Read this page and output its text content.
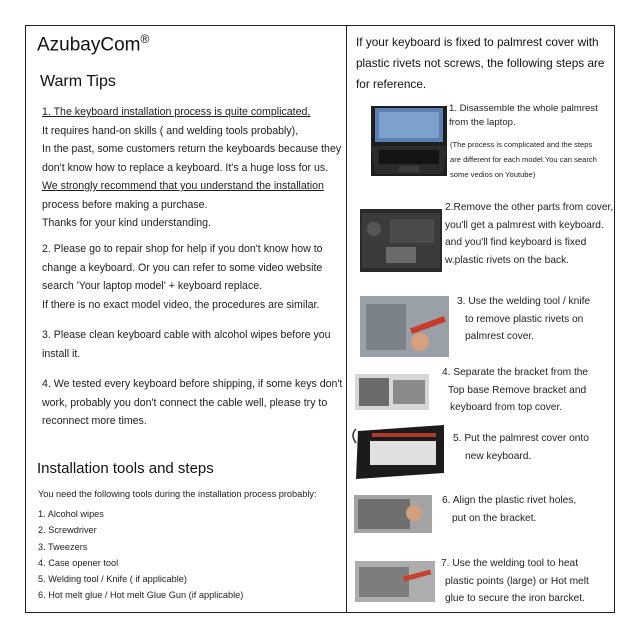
AzubayCom®
Warm Tips

1. The keyboard installation process is quite complicated,

It requires hand-on skills ( and welding tools probably),

In the past, some customers return the keyboards because they

don't know how to replace a keyboard. It's a huge loss for us.

We strongly recommend that you understand the installation

process before making a purchase.

Thanks for your kind understanding.

2. Please go to repair shop for help if you don't know how to

change a keyboard. Or you can refer to some video website

search 'Your laptop model' + keyboard replace.

If there is no exact model video, the procedures are similar.

3. Please clean keyboard cable with alcohol wipes before you

install it.

4. We tested every keyboard before shipping, if some keys don't

work, probably you don't connect the cable well, please try to

reconnect more times.

Installation tools and steps
You need the following tools during the installation process probably:
1. Alcohol wipes
2. Screwdriver
3. Tweezers
4. Case opener tool
5. Welding tool / Knife ( if applicable)
6. Hot melt glue / Hot melt Glue Gun (if applicable)

If your keyboard is fixed to palmrest cover with

plastic rivets not screws, the following steps are

for reference.

1. Disassemble the whole palmrest

from the laptop.

(The process is complicated and the steps

are different for each model.You can search

some vedios on Youtube)

2.Remove the other parts from cover,

you'll get a palmrest with keyboard.

and you'll find keyboard is fixed

w.plastic rivets on the back.

3. Use the welding tool / knife

to remove plastic rivets on

palmrest cover.

4. Separate the bracket from the

Top base Remove bracket and

keyboard from top cover.

5. Put the palmrest cover onto

new keyboard.

6. Align the plastic rivet holes,

put on the bracket.

7. Use the welding tool to heat

plastic points (large) or Hot melt

glue to secure the iron barcket.
